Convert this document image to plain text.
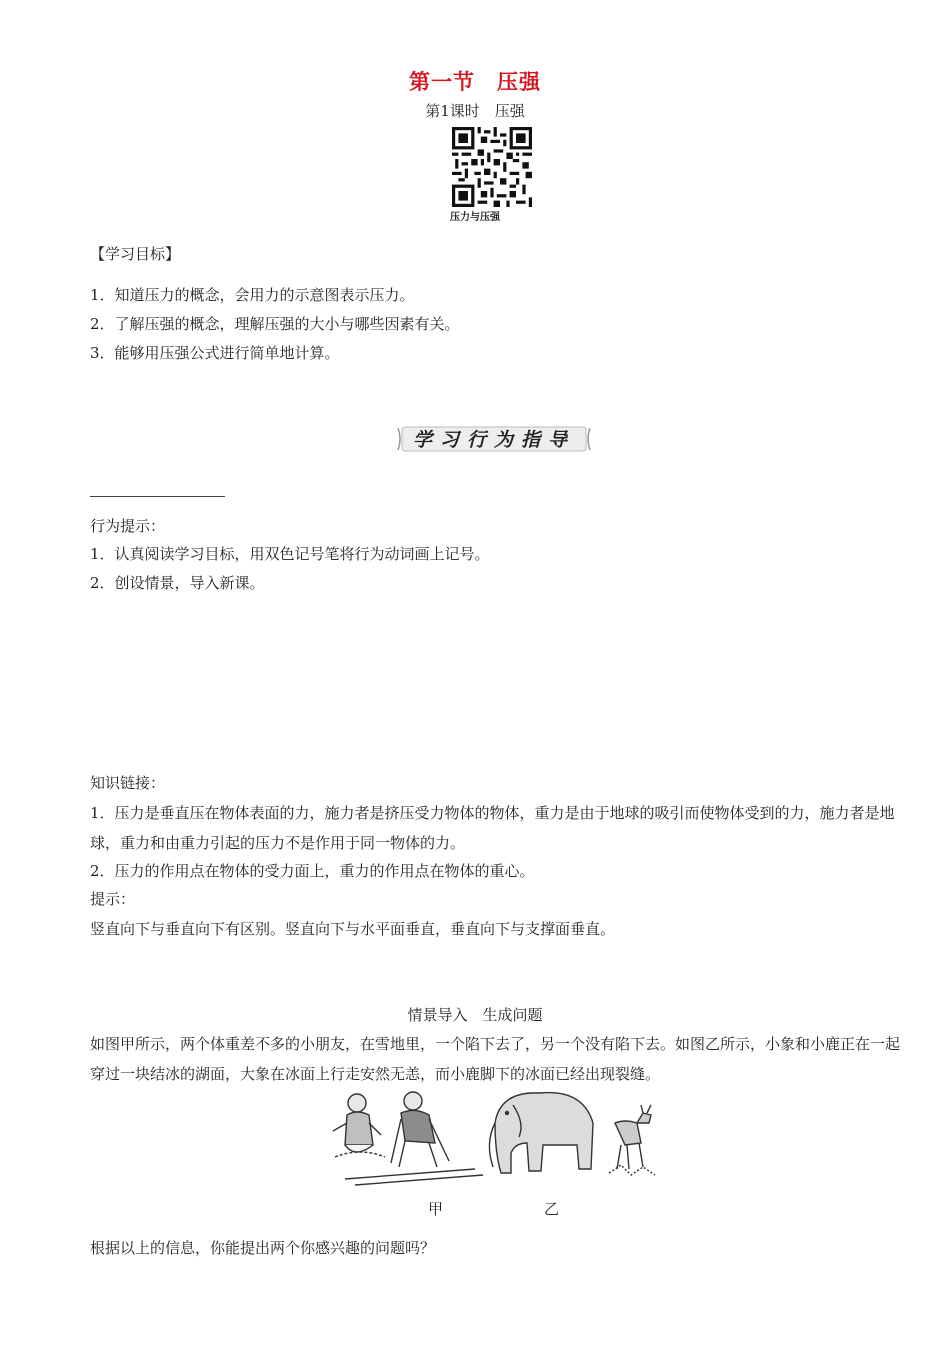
第一节　压强
第1课时　压强
压力与压强
【学习目标】
1．知道压力的概念，会用力的示意图表示压力。
2．了解压强的概念，理解压强的大小与哪些因素有关。
3．能够用压强公式进行简单地计算。
学 习 行 为 指 导
行为提示：
1．认真阅读学习目标，用双色记号笔将行为动词画上记号。
2．创设情景，导入新课。
知识链接：
1．压力是垂直压在物体表面的力，施力者是挤压受力物体的物体，重力是由于地球的吸引而使物体受到的力，施力者是地球，重力和由重力引起的压力不是作用于同一物体的力。
2．压力的作用点在物体的受力面上，重力的作用点在物体的重心。
提示：
竖直向下与垂直向下有区别。竖直向下与水平面垂直，垂直向下与支撑面垂直。
情景导入　生成问题
如图甲所示，两个体重差不多的小朋友，在雪地里，一个陷下去了，另一个没有陷下去。如图乙所示，小象和小鹿正在一起穿过一块结冰的湖面，大象在冰面上行走安然无恙，而小鹿脚下的冰面已经出现裂缝。
甲	乙
根据以上的信息，你能提出两个你感兴趣的问题吗？
